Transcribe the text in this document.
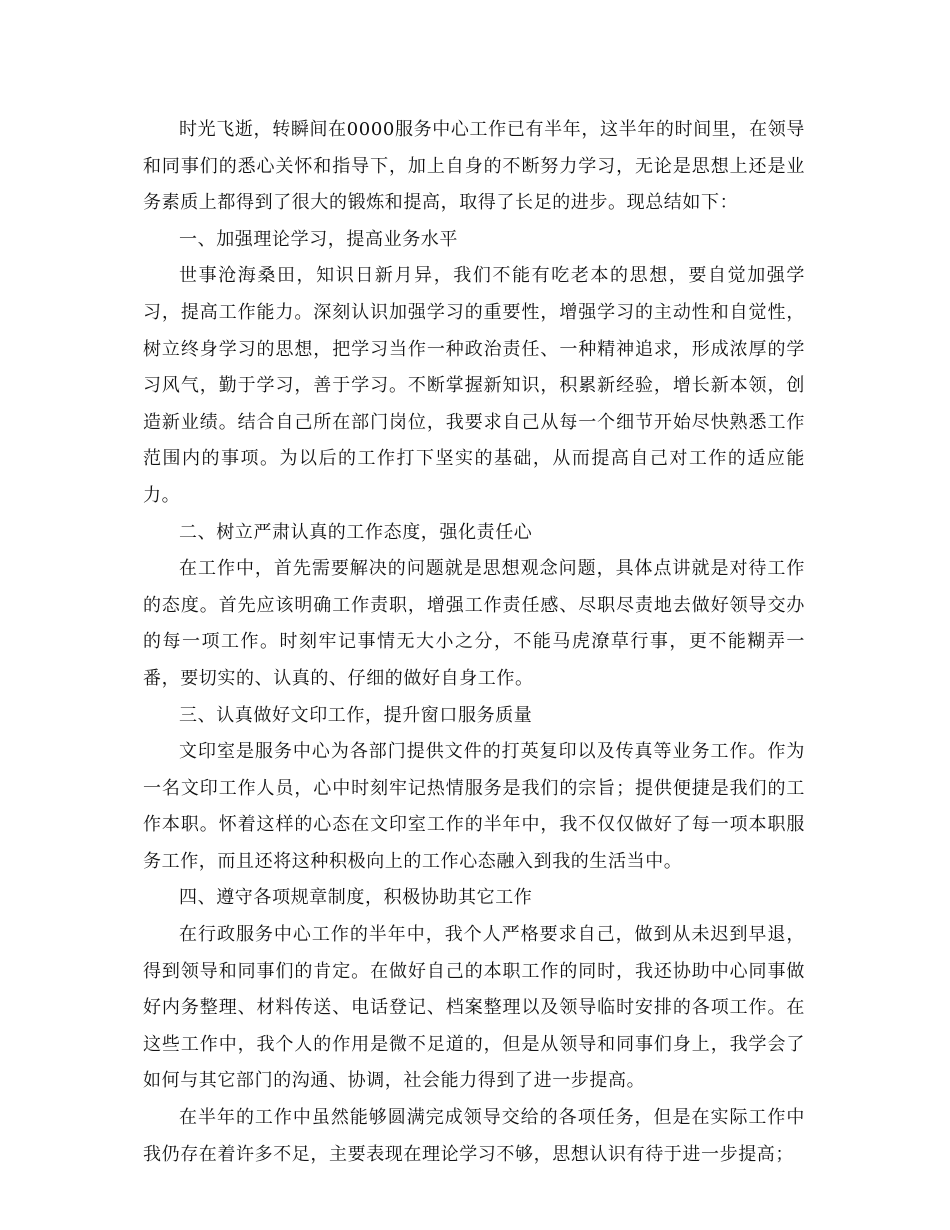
时光飞逝，转瞬间在0000服务中心工作已有半年，这半年的时间里，在领导和同事们的悉心关怀和指导下，加上自身的不断努力学习，无论是思想上还是业务素质上都得到了很大的锻炼和提高，取得了长足的进步。现总结如下：

一、加强理论学习，提高业务水平

世事沧海桑田，知识日新月异，我们不能有吃老本的思想，要自觉加强学习，提高工作能力。深刻认识加强学习的重要性，增强学习的主动性和自觉性，树立终身学习的思想，把学习当作一种政治责任、一种精神追求，形成浓厚的学习风气，勤于学习，善于学习。不断掌握新知识，积累新经验，增长新本领，创造新业绩。结合自己所在部门岗位，我要求自己从每一个细节开始尽快熟悉工作范围内的事项。为以后的工作打下坚实的基础，从而提高自己对工作的适应能力。

二、树立严肃认真的工作态度，强化责任心

在工作中，首先需要解决的问题就是思想观念问题，具体点讲就是对待工作的态度。首先应该明确工作责职，增强工作责任感、尽职尽责地去做好领导交办的每一项工作。时刻牢记事情无大小之分，不能马虎潦草行事，更不能糊弄一番，要切实的、认真的、仔细的做好自身工作。

三、认真做好文印工作，提升窗口服务质量

文印室是服务中心为各部门提供文件的打英复印以及传真等业务工作。作为一名文印工作人员，心中时刻牢记热情服务是我们的宗旨；提供便捷是我们的工作本职。怀着这样的心态在文印室工作的半年中，我不仅仅做好了每一项本职服务工作，而且还将这种积极向上的工作心态融入到我的生活当中。

四、遵守各项规章制度，积极协助其它工作

在行政服务中心工作的半年中，我个人严格要求自己，做到从未迟到早退，得到领导和同事们的肯定。在做好自己的本职工作的同时，我还协助中心同事做好内务整理、材料传送、电话登记、档案整理以及领导临时安排的各项工作。在这些工作中，我个人的作用是微不足道的，但是从领导和同事们身上，我学会了如何与其它部门的沟通、协调，社会能力得到了进一步提高。

在半年的工作中虽然能够圆满完成领导交给的各项任务，但是在实际工作中我仍存在着许多不足，主要表现在理论学习不够，思想认识有待于进一步提高；
